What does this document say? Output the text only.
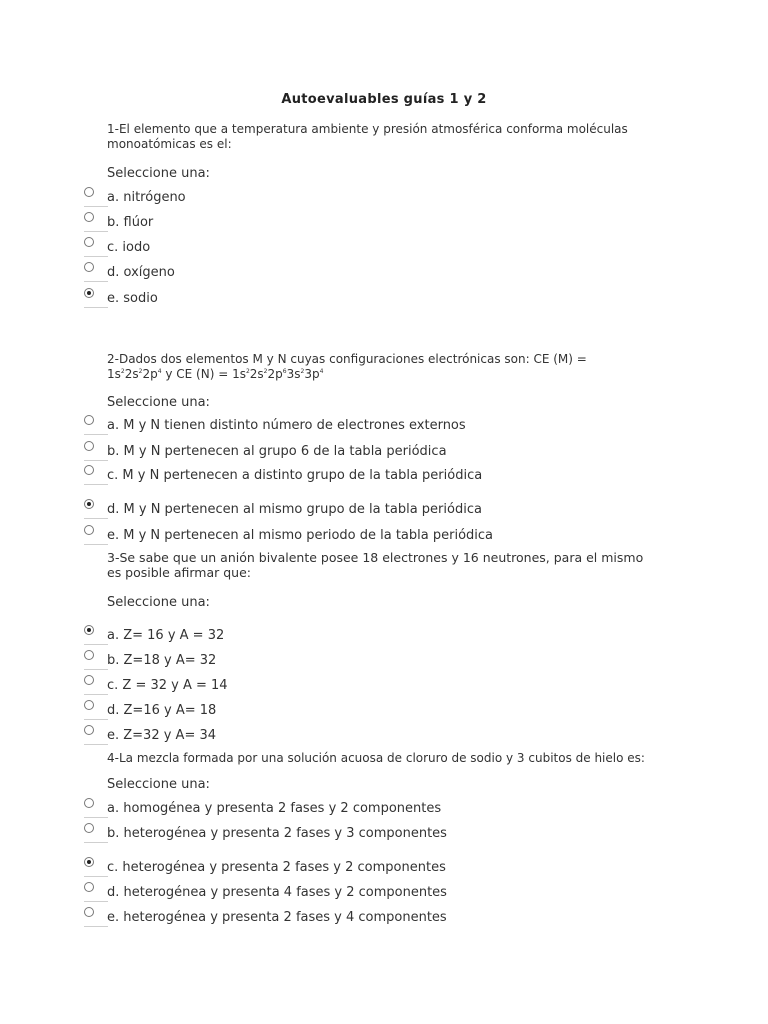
Autoevaluables guías 1 y 2
1-El elemento que a temperatura ambiente y presión atmosférica conforma moléculas
monoatómicas es el:
Seleccione una:
a. nitrógeno
b. flúor
c. iodo
d. oxígeno
e. sodio
2-Dados dos elementos M y N cuyas configuraciones electrónicas son: CE (M) =
$1s^22s^22p^4$ y CE $(N) = 1s^22s^22p^63s^23p^4$
Seleccione una:
a. M y N tienen distinto número de electrones externos
b. M y N pertenecen al grupo 6 de la tabla periódica
c. M y N pertenecen a distinto grupo de la tabla periódica
d. M y N pertenecen al mismo grupo de la tabla periódica
e. M y N pertenecen al mismo periodo de la tabla periódica
3-Se sabe que un anión bivalente posee 18 electrones y 16 neutrones, para el mismo
es posible afirmar que:
Seleccione una:
a. Z= 16 y A = 32
b. Z=18 y A= 32
c. Z = 32 y A = 14
d. Z=16 y A= 18
e. Z=32 y A= 34
4-La mezcla formada por una solución acuosa de cloruro de sodio y 3 cubitos de hielo es:
Seleccione una:
a. homogénea y presenta 2 fases y 2 componentes
b. heterogénea y presenta 2 fases y 3 componentes
c. heterogénea y presenta 2 fases y 2 componentes
d. heterogénea y presenta 4 fases y 2 componentes
e. heterogénea y presenta 2 fases y 4 componentes
